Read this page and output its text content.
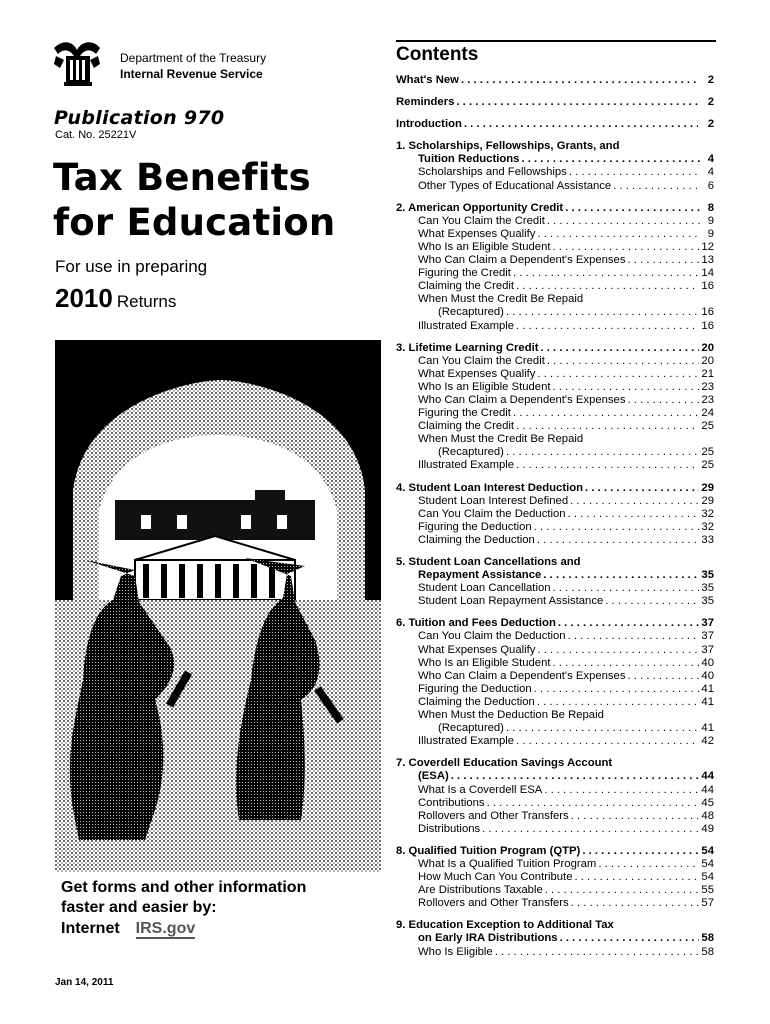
Department of the Treasury
Internal Revenue Service
Publication 970
Cat. No. 25221V
Tax Benefits
for Education
For use in preparing
2010 Returns
Get forms and other information
faster and easier by:
Internet IRS.gov
Jan 14, 2011
Contents
What's New . . .	2
Reminders . . .	2
Introduction . . .	2
1. Scholarships, Fellowships, Grants, and
Tuition Reductions . . .	4
Scholarships and Fellowships . . .	4
Other Types of Educational Assistance . . .	6
2. American Opportunity Credit . . .	8
Can You Claim the Credit . . .	9
What Expenses Qualify . . .	9
Who Is an Eligible Student . . .	12
Who Can Claim a Dependent's Expenses . . .	13
Figuring the Credit . . .	14
Claiming the Credit . . .	16
When Must the Credit Be Repaid
(Recaptured) . . .	16
Illustrated Example . . .	16
3. Lifetime Learning Credit . . .	20
Can You Claim the Credit . . .	20
What Expenses Qualify . . .	21
Who Is an Eligible Student . . .	23
Who Can Claim a Dependent's Expenses . . .	23
Figuring the Credit . . .	24
Claiming the Credit . . .	25
When Must the Credit Be Repaid
(Recaptured) . . .	25
Illustrated Example . . .	25
4. Student Loan Interest Deduction . . .	29
Student Loan Interest Defined . . .	29
Can You Claim the Deduction . . .	32
Figuring the Deduction . . .	32
Claiming the Deduction . . .	33
5. Student Loan Cancellations and
Repayment Assistance . . .	35
Student Loan Cancellation . . .	35
Student Loan Repayment Assistance . . .	35
6. Tuition and Fees Deduction . . .	37
Can You Claim the Deduction . . .	37
What Expenses Qualify . . .	37
Who Is an Eligible Student . . .	40
Who Can Claim a Dependent's Expenses . . .	40
Figuring the Deduction . . .	41
Claiming the Deduction . . .	41
When Must the Deduction Be Repaid
(Recaptured) . . .	41
Illustrated Example . . .	42
7. Coverdell Education Savings Account
(ESA) . . .	44
What Is a Coverdell ESA . . .	44
Contributions . . .	45
Rollovers and Other Transfers . . .	48
Distributions . . .	49
8. Qualified Tuition Program (QTP) . . .	54
What Is a Qualified Tuition Program . . .	54
How Much Can You Contribute . . .	54
Are Distributions Taxable . . .	55
Rollovers and Other Transfers . . .	57
9. Education Exception to Additional Tax
on Early IRA Distributions . . .	58
Who Is Eligible . . .	58
